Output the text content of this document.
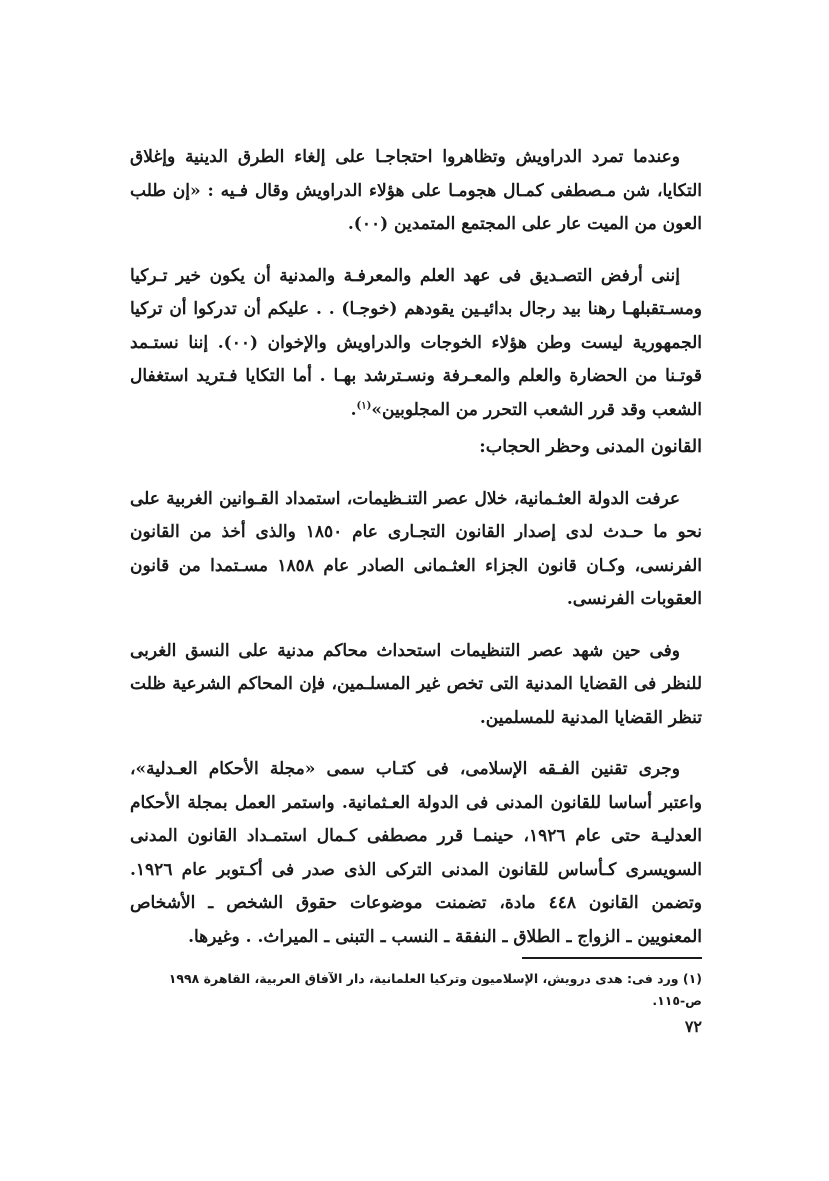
وعندما تمرد الدراويش وتظاهروا احتجاجـا على إلغاء الطرق الدينية وإغلاق التكايا، شن مـصطفى كمـال هجومـا على هؤلاء الدراويش وقال فـيه : «إن طلب العون من الميت عار على المجتمع المتمدين (٠٠).

إننى أرفض التصـديق فى عهد العلم والمعرفـة والمدنية أن يكون خير تـركيا ومسـتقبلهـا رهنا بيد رجال بدائيـين يقودهم (خوجـا) . . عليكم أن تدركوا أن تركيا الجمهورية ليست وطن هؤلاء الخوجات والدراويش والإخوان (٠٠). إننا نستـمد قوتـنا من الحضارة والعلم والمعـرفة ونسـترشد بهـا . أما التكايا فـتريد استغفال الشعب وقد قرر الشعب التحرر من المجلوبين»$^{(١)}$.

القانون المدنى وحظر الحجاب:

عرفت الدولة العثـمانية، خلال عصر التنـظيمات، استمداد القـوانين الغربية على نحو ما حـدث لدى إصدار القانون التجـارى عام ١٨٥٠ والذى أخذ من القانون الفرنسى، وكـان قانون الجزاء العثـمانى الصادر عام ١٨٥٨ مسـتمدا من قانون العقوبات الفرنسى.

وفى حين شهد عصر التنظيمات استحداث محاكم مدنية على النسق الغربى للنظر فى القضايا المدنية التى تخص غير المسلـمين، فإن المحاكم الشرعية ظلت تنظر القضايا المدنية للمسلمين.

وجرى تقنين الفـقه الإسلامى، فى كتـاب سمى «مجلة الأحكام العـدلية»، واعتبر أساسا للقانون المدنى فى الدولة العـثمانية. واستمر العمل بمجلة الأحكام العدليـة حتى عام ١٩٢٦، حينمـا قرر مصطفى كـمال استمـداد القانون المدنى السويسرى كـأساس للقانون المدنى التركى الذى صدر فى أكـتوبر عام ١٩٢٦. وتضمن القانون ٤٤٨ مادة، تضمنت موضوعات حقوق الشخص ـ الأشخاص المعنويين ـ الزواج ـ الطلاق ـ النفقة ـ النسب ـ التبنى ـ الميراث. . وغيرها.

(١) ورد فى: هدى درويش، الإسلاميون وتركيا العلمانية، دار الآفاق العربية، القاهرة ١٩٩٨ ص-١١٥.

٧٢
